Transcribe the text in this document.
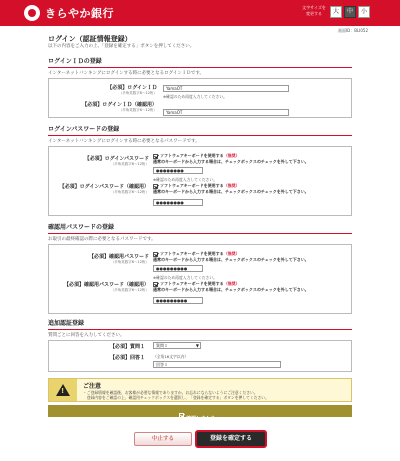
きらやか銀行	文字サイズを変更する	大	中	小
画面ID：BLI052
ログイン（認証情報登録）
以下の内容をご入力の上、「登録を確定する」ボタンを押してください。
ログインＩＤの登録
インターネットバンキングにログインする時に必要となるログインＩＤです。
【必須】ログインＩＤ
（半角英数字6～12桁）
YamaOT
※確認のため再度入力してください。
【必須】ログインＩＤ（確認用）
（半角英数字6～12桁）	YamaOT
ログインパスワードの登録
インターネットバンキングにログインする時に必要となるパスワードです。
【必須】ログインパスワード
（半角英数字6～12桁）
ソフトウェアキーボードを使用する（推奨）
通常のキーボードから入力する場合は、チェックボックスのチェックを外して下さい。
●●●●●●●●
※確認のため再度入力してください。
【必須】ログインパスワード（確認用）
（半角英数字6～12桁）
ソフトウェアキーボードを使用する（推奨）
通常のキーボードから入力する場合は、チェックボックスのチェックを外して下さい。
●●●●●●●●
確認用パスワードの登録
お取引の最終確認の際に必要となるパスワードです。
【必須】確認用パスワード
（半角英数字6～12桁）
ソフトウェアキーボードを使用する（推奨）
通常のキーボードから入力する場合は、チェックボックスのチェックを外して下さい。
●●●●●●●●●
※確認のため再度入力してください。
【必須】確認用パスワード（確認用）
（半角英数字6～12桁）
ソフトウェアキーボードを使用する（推奨）
通常のキーボードから入力する場合は、チェックボックスのチェックを外して下さい。
●●●●●●●●●
追加認証登録
質問ごとに回答を入力してください。
【必須】質問１	質問１	▼
【必須】回答１ （全角16文字以内）
回答１
!
ご注意
・ご登録情報を確認後、お客様が必要な情報でありますか。お忘れにならないようにご注意ください。
　登録内容をご確認の上、確認用チェックボックスを選択し、「登録を確定する」ボタンを押してください。
確認しました。
中止する	登録を確定する
